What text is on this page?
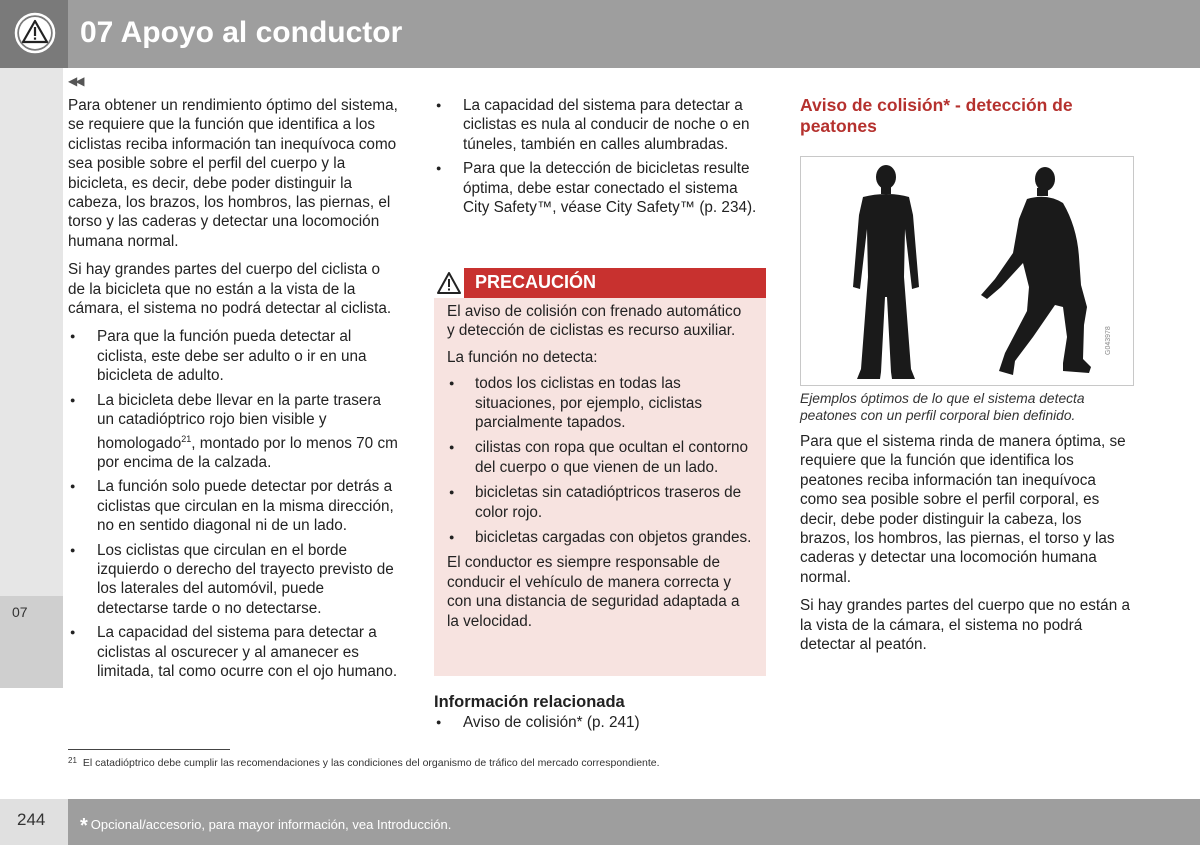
07 Apoyo al conductor
07
◀◀

Para obtener un rendimiento óptimo del sistema, se requiere que la función que identifica a los ciclistas reciba información tan inequívoca como sea posible sobre el perfil del cuerpo y la bicicleta, es decir, debe poder distinguir la cabeza, los brazos, los hombros, las piernas, el torso y las caderas y detectar una locomoción humana normal.

Si hay grandes partes del cuerpo del ciclista o de la bicicleta que no están a la vista de la cámara, el sistema no podrá detectar al ciclista.

● Para que la función pueda detectar al ciclista, este debe ser adulto o ir en una bicicleta de adulto.
● La bicicleta debe llevar en la parte trasera un catadióptrico rojo bien visible y homologado$^{21}$, montado por lo menos 70 cm por encima de la calzada.
● La función solo puede detectar por detrás a ciclistas que circulan en la misma dirección, no en sentido diagonal ni de un lado.
● Los ciclistas que circulan en el borde izquierdo o derecho del trayecto previsto de los laterales del automóvil, puede detectarse tarde o no detectarse.
● La capacidad del sistema para detectar a ciclistas al oscurecer y al amanecer es limitada, tal como ocurre con el ojo humano.
● La capacidad del sistema para detectar a ciclistas es nula al conducir de noche o en túneles, también en calles alumbradas.
● Para que la detección de bicicletas resulte óptima, debe estar conectado el sistema City Safety™, véase City Safety™ (p. 234).
PRECAUCIÓN

El aviso de colisión con frenado automático y detección de ciclistas es recurso auxiliar.

La función no detecta:

● todos los ciclistas en todas las situaciones, por ejemplo, ciclistas parcialmente tapados.
● cilistas con ropa que ocultan el contorno del cuerpo o que vienen de un lado.
● bicicletas sin catadióptricos traseros de color rojo.
● bicicletas cargadas con objetos grandes.

El conductor es siempre responsable de conducir el vehículo de manera correcta y con una distancia de seguridad adaptada a la velocidad.

Información relacionada
● Aviso de colisión* (p. 241)
Aviso de colisión* - detección de peatones
G043978
Ejemplos óptimos de lo que el sistema detecta peatones con un perfil corporal bien definido.

Para que el sistema rinda de manera óptima, se requiere que la función que identifica los peatones reciba información tan inequívoca como sea posible sobre el perfil corporal, es decir, debe poder distinguir la cabeza, los brazos, los hombros, las piernas, el torso y las caderas y detectar una locomoción humana normal.

Si hay grandes partes del cuerpo que no están a la vista de la cámara, el sistema no podrá detectar al peatón.

$^{21}$ El catadióptrico debe cumplir las recomendaciones y las condiciones del organismo de tráfico del mercado correspondiente.
244 * Opcional/accesorio, para mayor información, vea Introducción.
